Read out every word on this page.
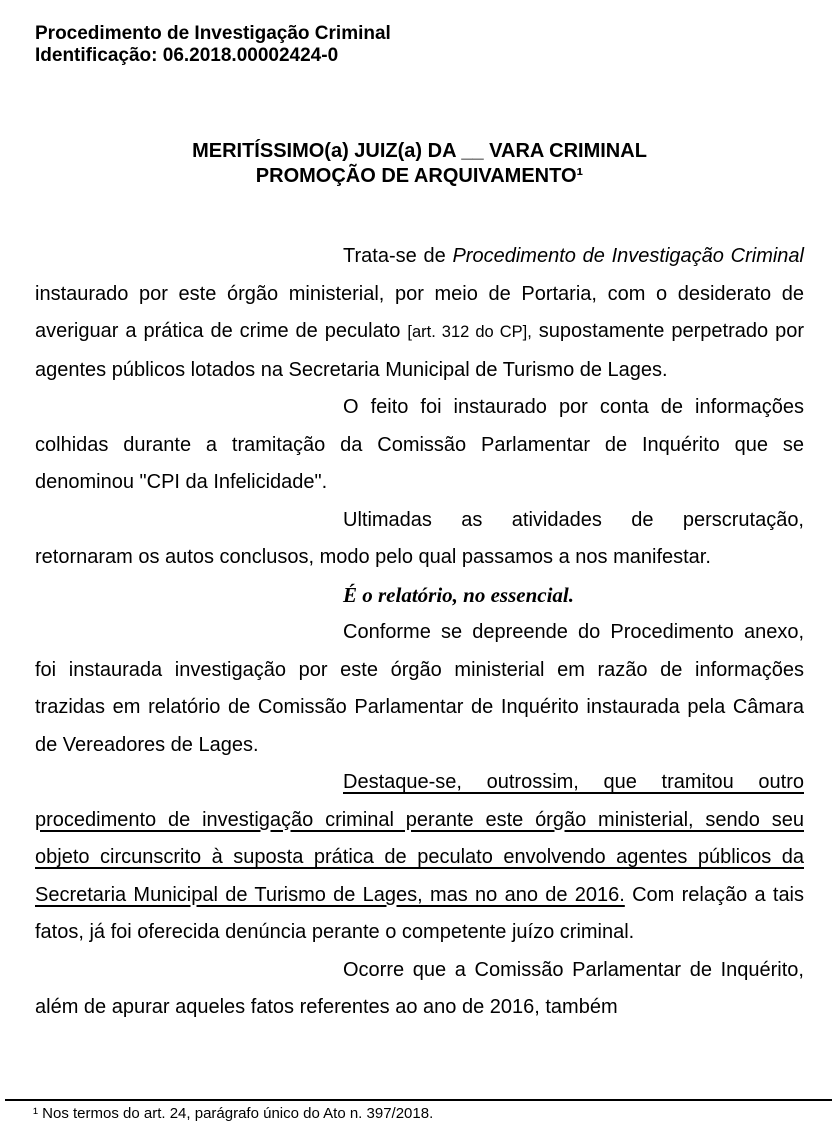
Procedimento de Investigação Criminal
Identificação: 06.2018.00002424-0
MERITÍSSIMO(a) JUIZ(a) DA __ VARA CRIMINAL
PROMOÇÃO DE ARQUIVAMENTO¹

Trata-se de Procedimento de Investigação Criminal instaurado por este órgão ministerial, por meio de Portaria, com o desiderato de averiguar a prática de crime de peculato [art. 312 do CP], supostamente perpetrado por agentes públicos lotados na Secretaria Municipal de Turismo de Lages.

O feito foi instaurado por conta de informações colhidas durante a tramitação da Comissão Parlamentar de Inquérito que se denominou "CPI da Infelicidade".

Ultimadas as atividades de perscrutação, retornaram os autos conclusos, modo pelo qual passamos a nos manifestar.

É o relatório, no essencial.

Conforme se depreende do Procedimento anexo, foi instaurada investigação por este órgão ministerial em razão de informações trazidas em relatório de Comissão Parlamentar de Inquérito instaurada pela Câmara de Vereadores de Lages.

Destaque-se, outrossim, que tramitou outro procedimento de investigação criminal perante este órgão ministerial, sendo seu objeto circunscrito à suposta prática de peculato envolvendo agentes públicos da Secretaria Municipal de Turismo de Lages, mas no ano de 2016. Com relação a tais fatos, já foi oferecida denúncia perante o competente juízo criminal.

Ocorre que a Comissão Parlamentar de Inquérito, além de apurar aqueles fatos referentes ao ano de 2016, também

¹ Nos termos do art. 24, parágrafo único do Ato n. 397/2018.
